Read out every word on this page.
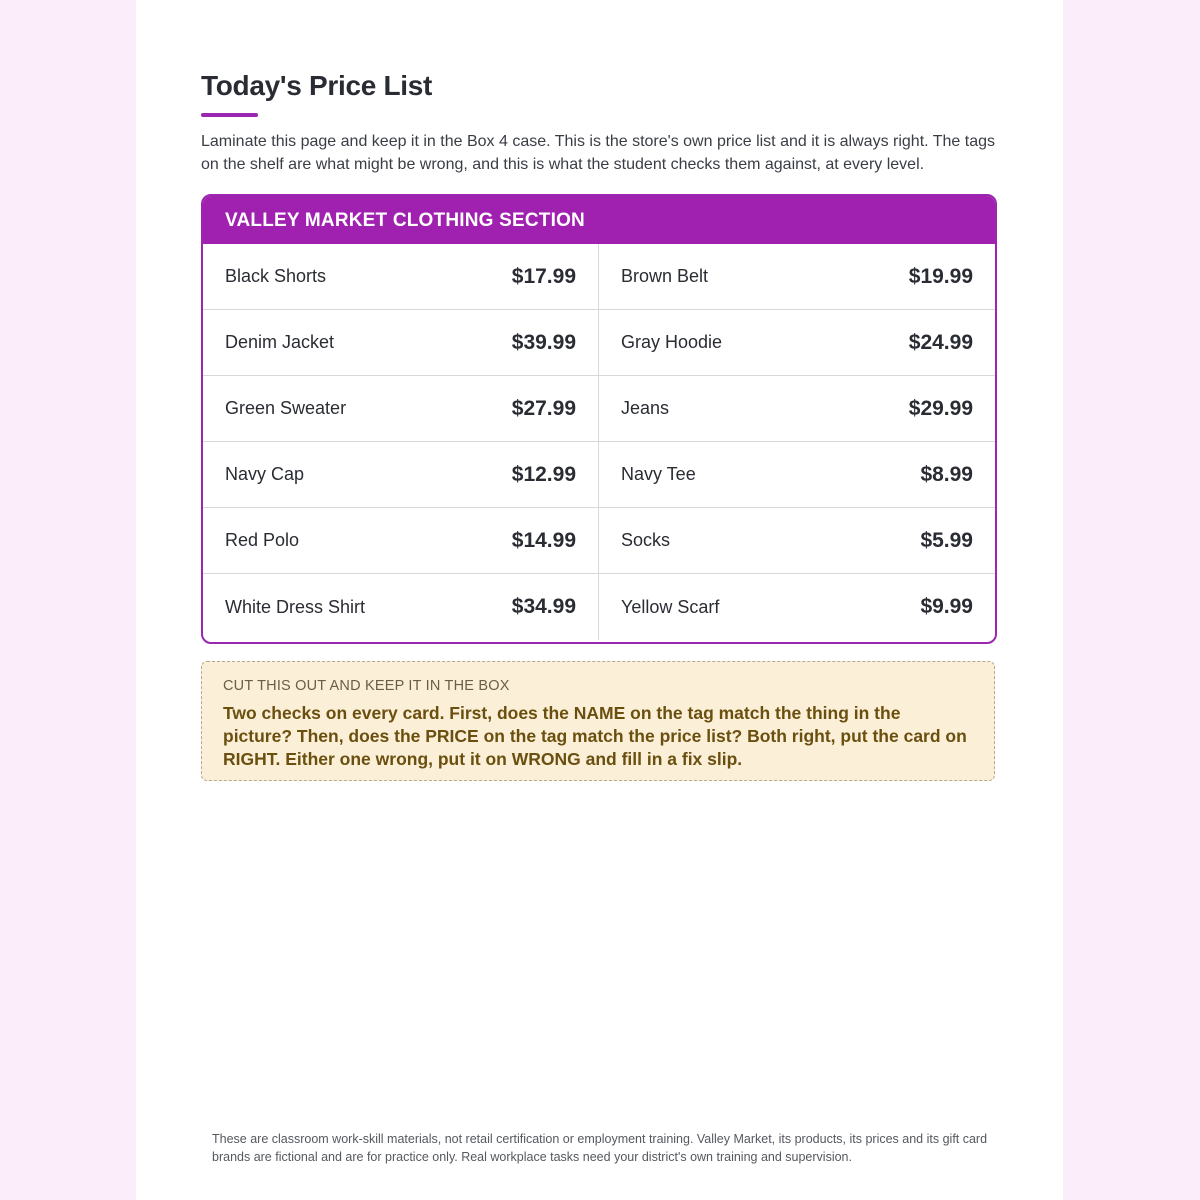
Today's Price List

Laminate this page and keep it in the Box 4 case. This is the store's own price list and it is always right. The tags on the shelf are what might be wrong, and this is what the student checks them against, at every level.

VALLEY MARKET CLOTHING SECTION
Black Shorts	$17.99	Brown Belt	$19.99
Denim Jacket	$39.99	Gray Hoodie	$24.99
Green Sweater	$27.99	Jeans	$29.99
Navy Cap	$12.99	Navy Tee	$8.99
Red Polo	$14.99	Socks	$5.99
White Dress Shirt	$34.99	Yellow Scarf	$9.99

CUT THIS OUT AND KEEP IT IN THE BOX

Two checks on every card. First, does the NAME on the tag match the thing in the picture? Then, does the PRICE on the tag match the price list? Both right, put the card on RIGHT. Either one wrong, put it on WRONG and fill in a fix slip.

These are classroom work-skill materials, not retail certification or employment training. Valley Market, its products, its prices and its gift card brands are fictional and are for practice only. Real workplace tasks need your district's own training and supervision.
